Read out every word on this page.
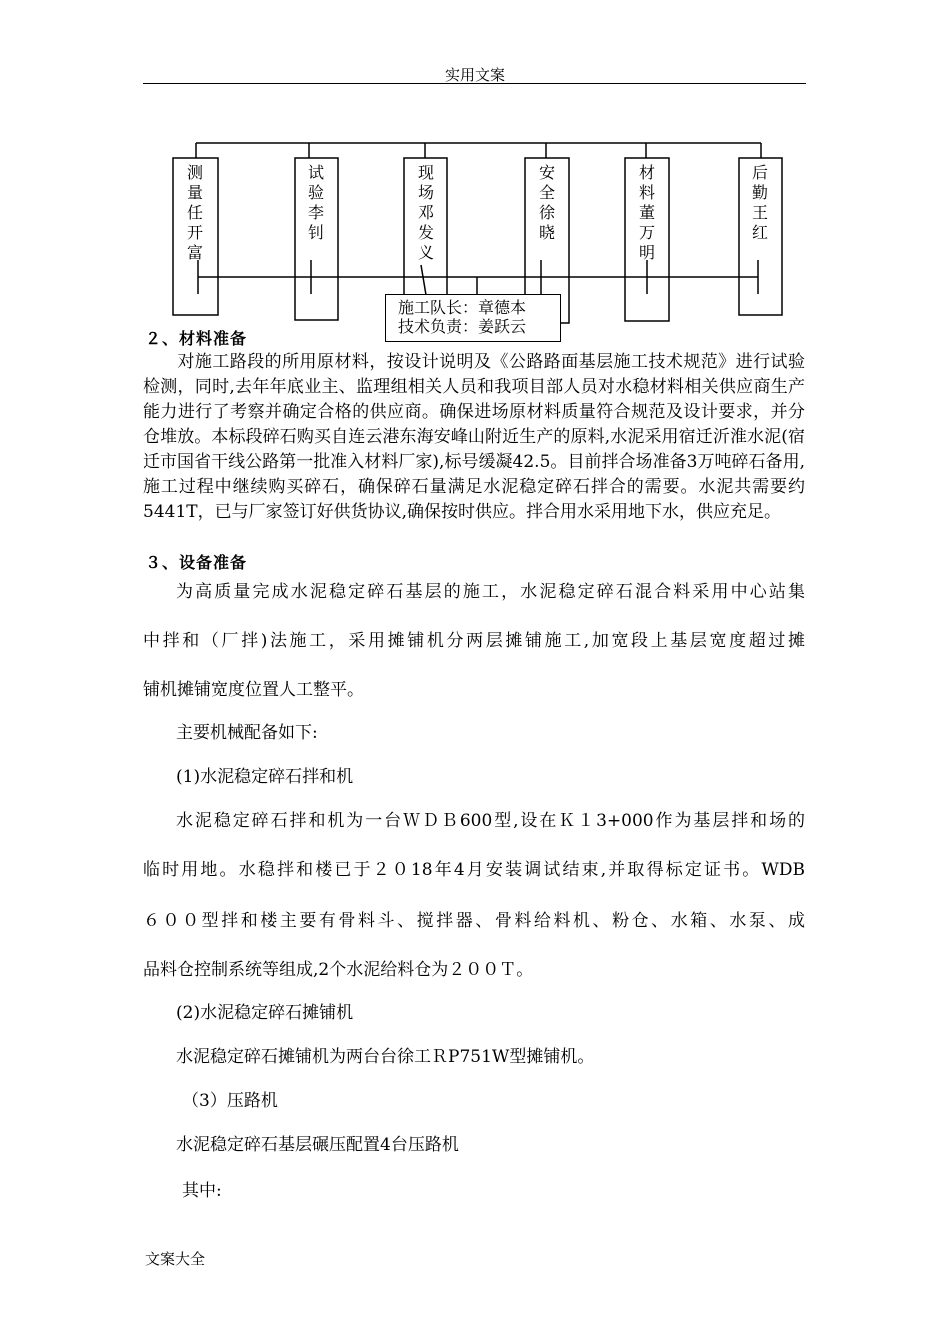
实用文案
测量任开富
试验李钊
现场邓发义
安全徐晓
材料董万明
后勤王红
施工队长：章德本
技术负责：姜跃云
２、材料准备
对施工路段的所用原材料，按设计说明及《公路路面基层施工技术规范》进行试验检测，同时,去年年底业主、监理组相关人员和我项目部人员对水稳材料相关供应商生产能力进行了考察并确定合格的供应商。确保进场原材料质量符合规范及设计要求，并分仓堆放。本标段碎石购买自连云港东海安峰山附近生产的原料,水泥采用宿迁沂淮水泥(宿迁市国省干线公路第一批准入材料厂家),标号缓凝42.5。目前拌合场准备3万吨碎石备用,施工过程中继续购买碎石，确保碎石量满足水泥稳定碎石拌合的需要。水泥共需要约5441T，已与厂家签订好供货协议,确保按时供应。拌合用水采用地下水，供应充足。
３、设备准备
为高质量完成水泥稳定碎石基层的施工，水泥稳定碎石混合料采用中心站集
中拌和（厂拌)法施工，采用摊铺机分两层摊铺施工,加宽段上基层宽度超过摊
铺机摊铺宽度位置人工整平。
主要机械配备如下:
(1)水泥稳定碎石拌和机
水泥稳定碎石拌和机为一台ＷＤＢ600型,设在Ｋ１3+000作为基层拌和场的
临时用地。水稳拌和楼已于２０18年4月安装调试结束,并取得标定证书。WDB
６００型拌和楼主要有骨料斗、搅拌器、骨料给料机、粉仓、水箱、水泵、成
品料仓控制系统等组成,2个水泥给料仓为２００Ｔ。
(2)水泥稳定碎石摊铺机
水泥稳定碎石摊铺机为两台台徐工ＲP751W型摊铺机。
（3）压路机
水泥稳定碎石基层碾压配置4台压路机
其中:
文案大全
